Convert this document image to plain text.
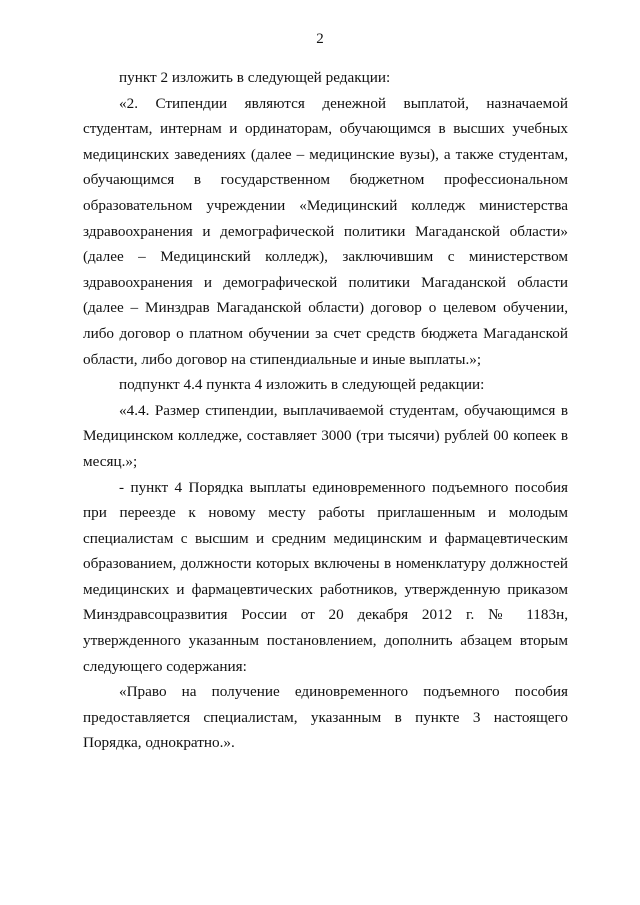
2

пункт 2 изложить в следующей редакции:

«2. Стипендии являются денежной выплатой, назначаемой студентам, интернам и ординаторам, обучающимся в высших учебных медицинских заведениях (далее – медицинские вузы), а также студентам, обучающимся в государственном бюджетном профессиональном образовательном учреждении «Медицинский колледж министерства здравоохранения и демографической политики Магаданской области» (далее – Медицинский колледж), заключившим с министерством здравоохранения и демографической политики Магаданской области (далее – Минздрав Магаданской области) договор о целевом обучении, либо договор о платном обучении за счет средств бюджета Магаданской области, либо договор на стипендиальные и иные выплаты.»;

подпункт 4.4 пункта 4 изложить в следующей редакции:

«4.4. Размер стипендии, выплачиваемой студентам, обучающимся в Медицинском колледже, составляет 3000 (три тысячи) рублей 00 копеек в месяц.»;

- пункт 4 Порядка выплаты единовременного подъемного пособия при переезде к новому месту работы приглашенным и молодым специалистам с высшим и средним медицинским и фармацевтическим образованием, должности которых включены в номенклатуру должностей медицинских и фармацевтических работников, утвержденную приказом Минздравсоцразвития России от 20 декабря 2012 г. № 1183н, утвержденного указанным постановлением, дополнить абзацем вторым следующего содержания:

«Право на получение единовременного подъемного пособия предоставляется специалистам, указанным в пункте 3 настоящего Порядка, однократно.».
